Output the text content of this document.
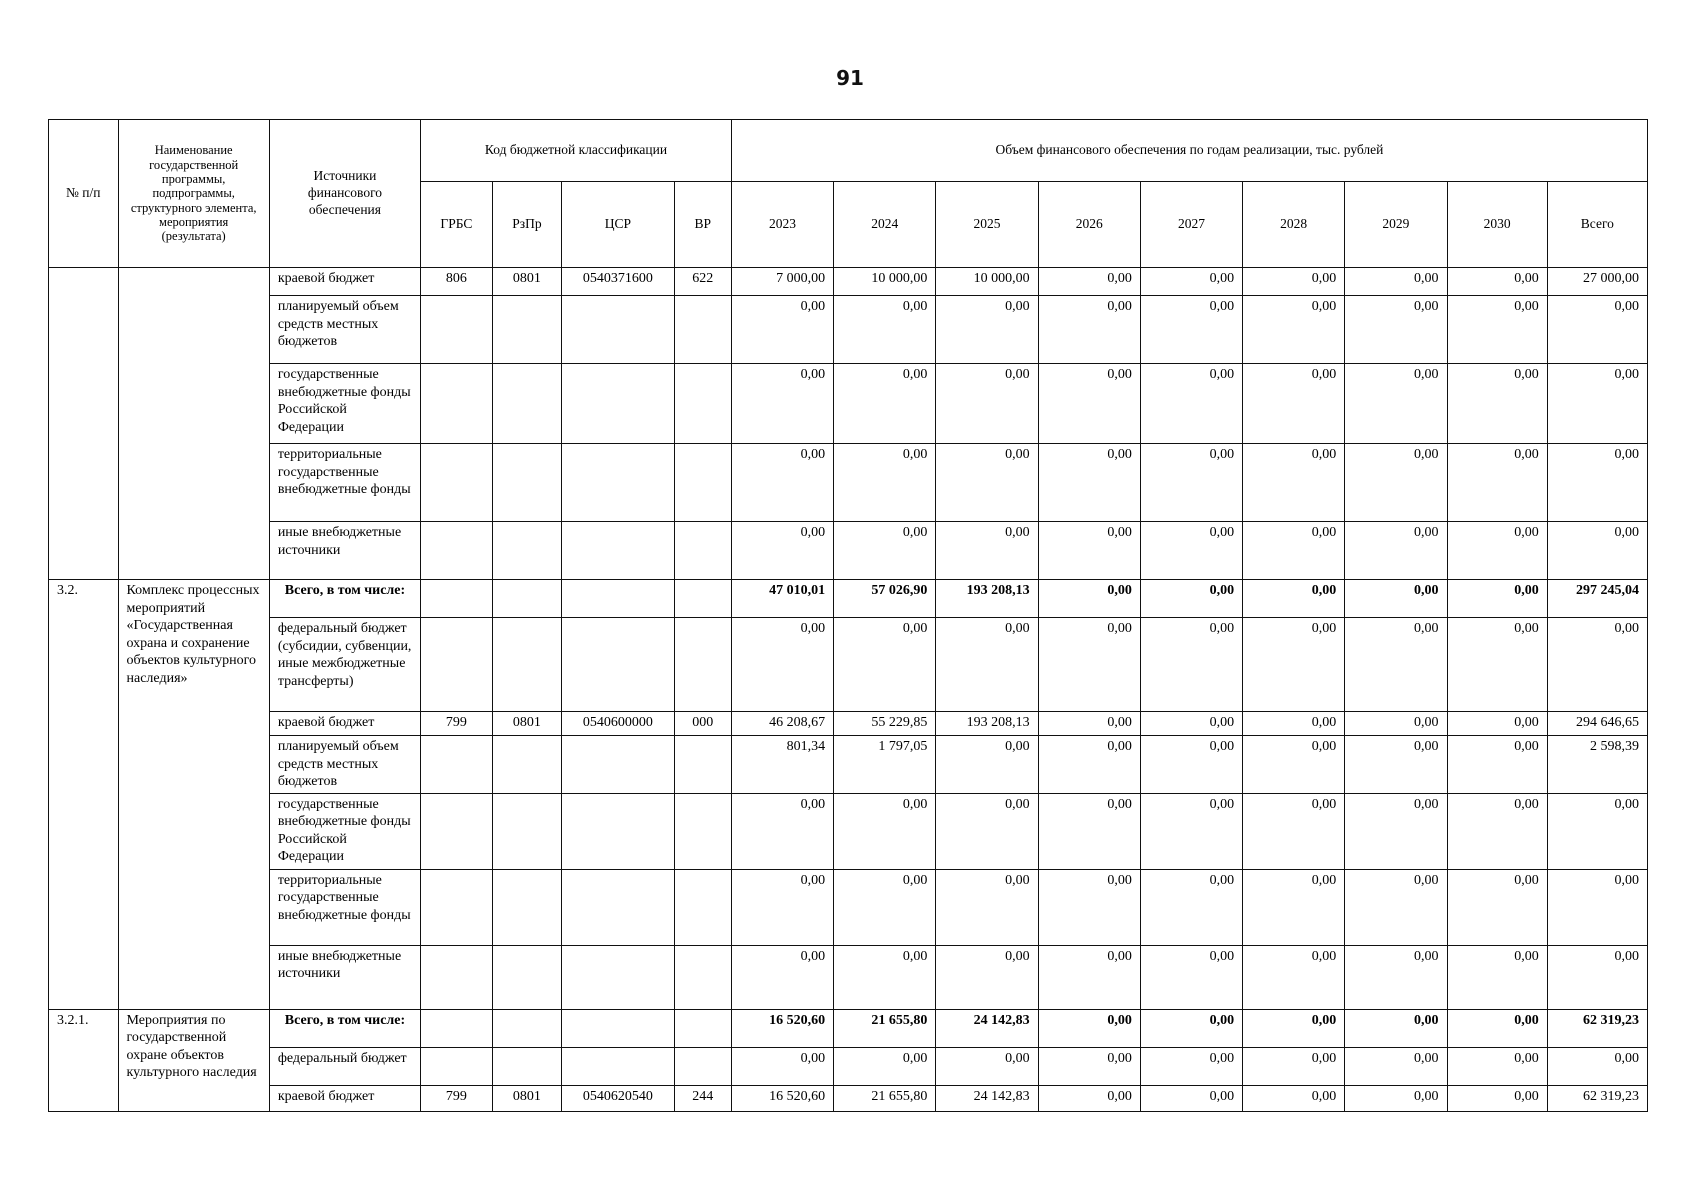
91
№ п/п	Наименование государственной программы, подпрограммы, структурного элемента, мероприятия (результата)	Источники финансового обеспечения	Код бюджетной классификации				Объем финансового обеспечения по годам реализации, тыс. рублей								
			ГРБС	РзПр	ЦСР	ВР	2023	2024	2025	2026	2027	2028	2029	2030	Всего
		краевой бюджет	806	0801	0540371600	622	7 000,00	10 000,00	10 000,00	0,00	0,00	0,00	0,00	0,00	27 000,00
		планируемый объем средств местных бюджетов					0,00	0,00	0,00	0,00	0,00	0,00	0,00	0,00	0,00
		государственные внебюджетные фонды Российской Федерации					0,00	0,00	0,00	0,00	0,00	0,00	0,00	0,00	0,00
		территориальные государственные внебюджетные фонды					0,00	0,00	0,00	0,00	0,00	0,00	0,00	0,00	0,00
		иные внебюджетные источники					0,00	0,00	0,00	0,00	0,00	0,00	0,00	0,00	0,00
3.2.	Комплекс процессных мероприятий «Государственная охрана и сохранение объектов культурного наследия»	Всего, в том числе:					47 010,01	57 026,90	193 208,13	0,00	0,00	0,00	0,00	0,00	297 245,04
		федеральный бюджет (субсидии, субвенции, иные межбюджетные трансферты)					0,00	0,00	0,00	0,00	0,00	0,00	0,00	0,00	0,00
		краевой бюджет	799	0801	0540600000	000	46 208,67	55 229,85	193 208,13	0,00	0,00	0,00	0,00	0,00	294 646,65
		планируемый объем средств местных бюджетов					801,34	1 797,05	0,00	0,00	0,00	0,00	0,00	0,00	2 598,39
		государственные внебюджетные фонды Российской Федерации					0,00	0,00	0,00	0,00	0,00	0,00	0,00	0,00	0,00
		территориальные государственные внебюджетные фонды					0,00	0,00	0,00	0,00	0,00	0,00	0,00	0,00	0,00
		иные внебюджетные источники					0,00	0,00	0,00	0,00	0,00	0,00	0,00	0,00	0,00
3.2.1.	Мероприятия по государственной охране объектов культурного наследия	Всего, в том числе:					16 520,60	21 655,80	24 142,83	0,00	0,00	0,00	0,00	0,00	62 319,23
		федеральный бюджет					0,00	0,00	0,00	0,00	0,00	0,00	0,00	0,00	0,00
		краевой бюджет	799	0801	0540620540	244	16 520,60	21 655,80	24 142,83	0,00	0,00	0,00	0,00	0,00	62 319,23
